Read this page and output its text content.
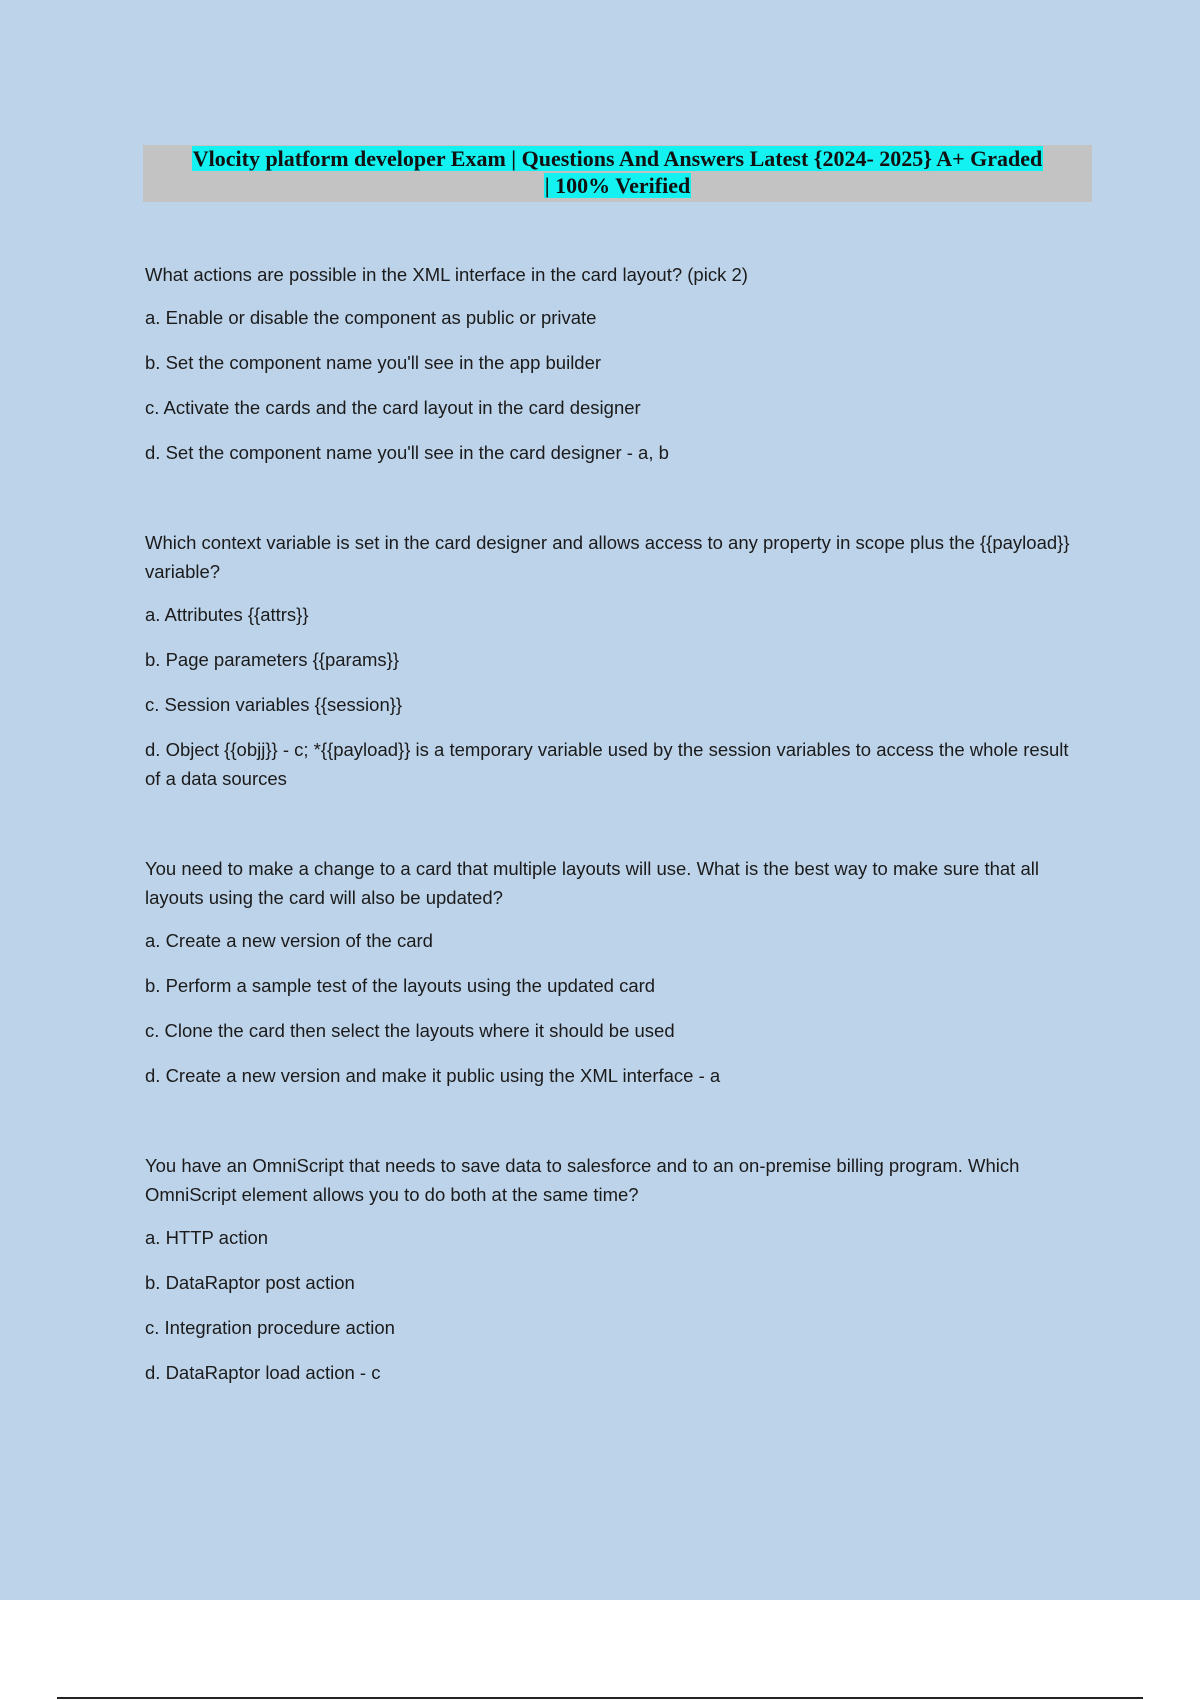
Vlocity platform developer Exam | Questions And Answers Latest {2024- 2025} A+ Graded
| 100% Verified
What actions are possible in the XML interface in the card layout? (pick 2)
a. Enable or disable the component as public or private
b. Set the component name you'll see in the app builder
c. Activate the cards and the card layout in the card designer
d. Set the component name you'll see in the card designer - a, b
Which context variable is set in the card designer and allows access to any property in scope plus the {{payload}} variable?
a. Attributes {{attrs}}
b. Page parameters {{params}}
c. Session variables {{session}}
d. Object {{objj}} - c; *{{payload}} is a temporary variable used by the session variables to access the whole result of a data sources
You need to make a change to a card that multiple layouts will use. What is the best way to make sure that all layouts using the card will also be updated?
a. Create a new version of the card
b. Perform a sample test of the layouts using the updated card
c. Clone the card then select the layouts where it should be used
d. Create a new version and make it public using the XML interface - a
You have an OmniScript that needs to save data to salesforce and to an on-premise billing program. Which OmniScript element allows you to do both at the same time?
a. HTTP action
b. DataRaptor post action
c. Integration procedure action
d. DataRaptor load action - c
